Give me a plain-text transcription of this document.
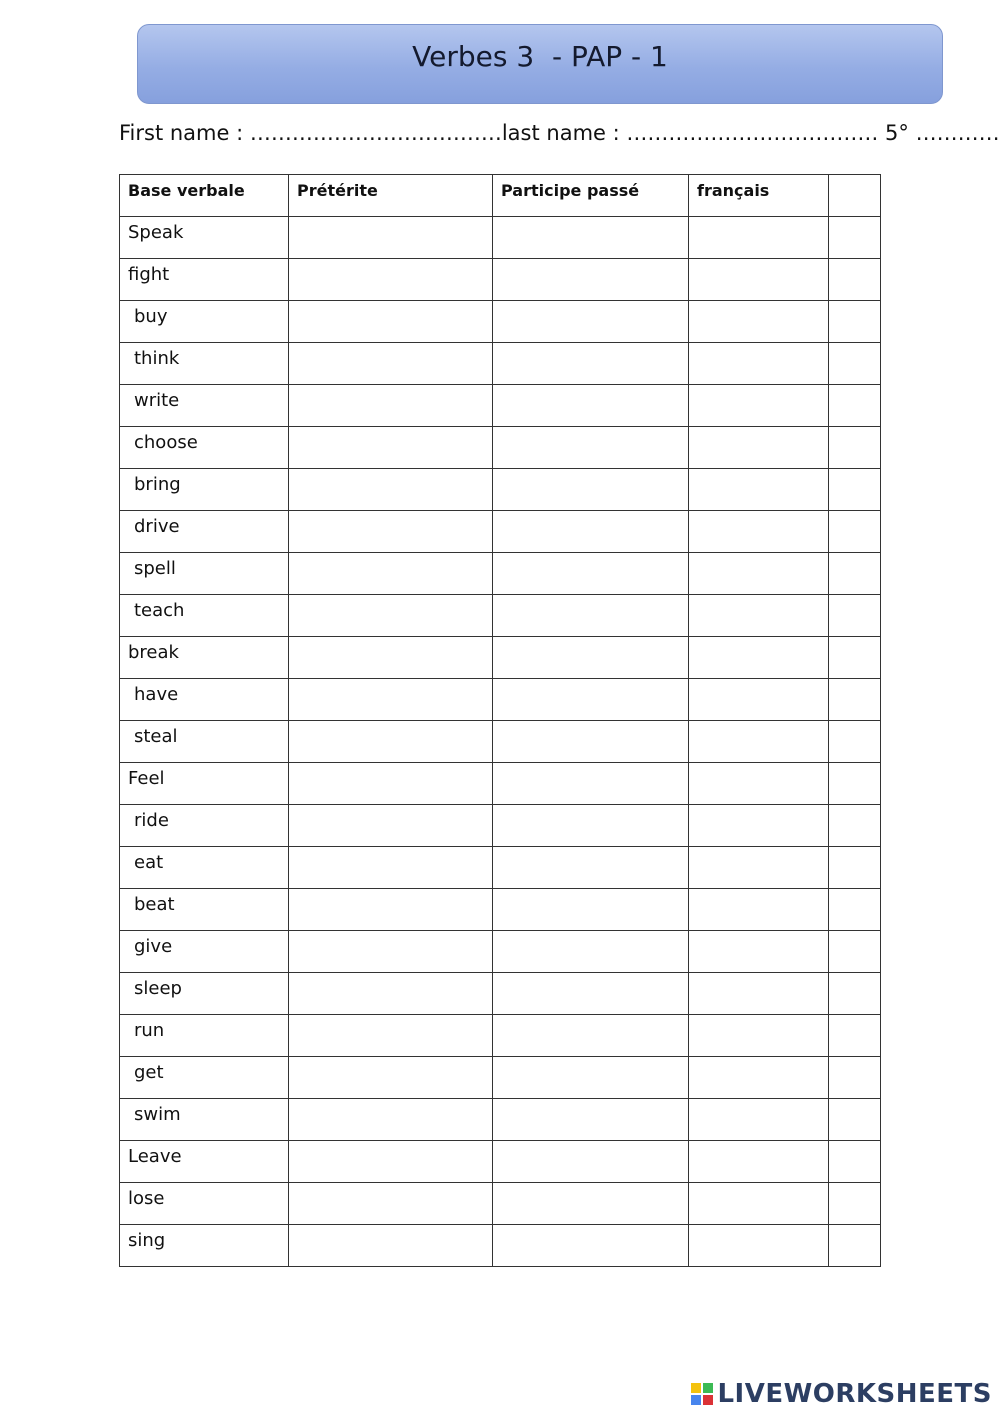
Verbes 3  - PAP - 1
First name : ………………………………last name : ……………………………… 5° …………
Base verbale	Prétérite	Participe passé	français	
Speak				
fight				
buy				
think				
write				
choose				
bring				
drive				
spell				
teach				
break				
have				
steal				
Feel				
ride				
eat				
beat				
give				
sleep				
run				
get				
swim				
Leave				
lose				
sing				
LIVEWORKSHEETS
